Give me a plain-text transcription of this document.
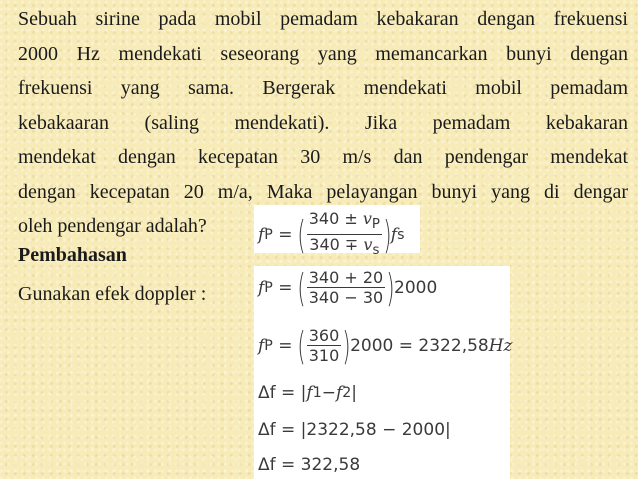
Sebuah sirine pada mobil pemadam kebakaran dengan frekuensi
2000 Hz mendekati seseorang yang memancarkan bunyi dengan
frekuensi yang sama. Bergerak mendekati mobil pemadam
kebakaaran (saling mendekati). Jika pemadam kebakaran
mendekat dengan kecepatan 30 m/s dan pendengar mendekat
dengan kecepatan 20 m/a, Maka pelayangan bunyi yang di dengar
oleh pendengar adalah?
Pembahasan
Gunakan efek doppler :
f P = ( $\frac{340 \pm v_P}{340 \mp v_s}$ ) f s
f P = ( $\frac{340 + 20}{340 - 30}$ ) 2000
f P = ( $\frac{360}{310}$ ) 2000 = 2322,58 Hz
Δf = | f 1 − f 2 |
Δf = |2322,58 − 2000|
Δf = 322,58
